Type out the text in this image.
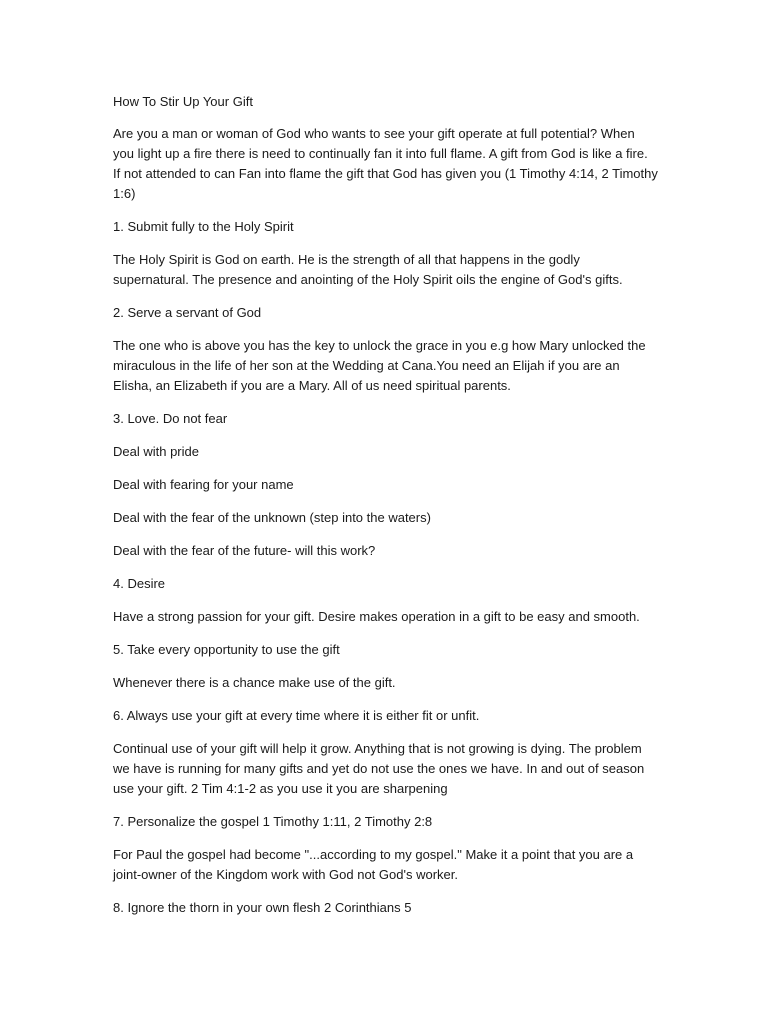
How To Stir Up Your Gift

Are you a man or woman of God who wants to see your gift operate at full potential? When you light up a fire there is need to continually fan it into full flame. A gift from God is like a fire. If not attended to can Fan into flame the gift that God has given you (1 Timothy 4:14, 2 Timothy 1:6)

1. Submit fully to the Holy Spirit

The Holy Spirit is God on earth. He is the strength of all that happens in the godly supernatural. The presence and anointing of the Holy Spirit oils the engine of God's gifts.

2. Serve a servant of God

The one who is above you has the key to unlock the grace in you e.g how Mary unlocked the miraculous in the life of her son at the Wedding at Cana.You need an Elijah if you are an Elisha, an Elizabeth if you are a Mary. All of us need spiritual parents.

3. Love. Do not fear

Deal with pride

Deal with fearing for your name

Deal with the fear of the unknown (step into the waters)

Deal with the fear of the future- will this work?

4. Desire

Have a strong passion for your gift. Desire makes operation in a gift to be easy and smooth.

5. Take every opportunity to use the gift

Whenever there is a chance make use of the gift.

6. Always use your gift at every time where it is either fit or unfit.

Continual use of your gift will help it grow. Anything that is not growing is dying. The problem we have is running for many gifts and yet do not use the ones we have. In and out of season use your gift. 2 Tim 4:1-2 as you use it you are sharpening

7. Personalize the gospel 1 Timothy 1:11, 2 Timothy 2:8

For Paul the gospel had become "...according to my gospel." Make it a point that you are a joint-owner of the Kingdom work with God not God's worker.

8. Ignore the thorn in your own flesh 2 Corinthians 5
